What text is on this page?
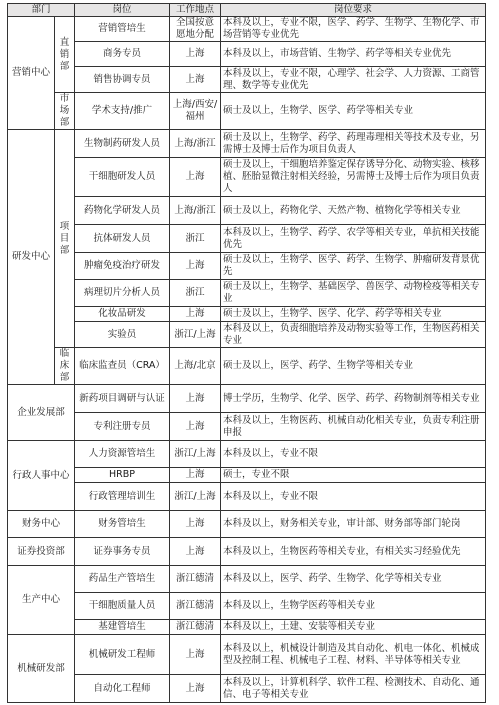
部门		岗位	工作地点	岗位要求
营销中心	直销部	营销管培生	全国按意愿地分配	本科及以上，专业不限，医学、药学、生物学、生物化学、市场营销等专业优先
		商务专员	上海	本科及以上，市场营销、生物学、药学等相关专业优先
		销售协调专员	上海	本科及以上，专业不限，心理学、社会学、人力资源、工商管理、数学等专业优先
	市场部	学术支持/推广	上海/西安/福州	硕士及以上，生物学、医学、药学等相关专业
研发中心	项目部	生物制药研发人员	上海/浙江	硕士及以上，生物学、药学、药理毒理相关等技术及专业，另需博士及博士后作为项目负责人
		干细胞研发人员	上海	硕士及以上，干细胞培养鉴定保存诱导分化、动物实验、核移植、胚胎显微注射相关经验，另需博士及博士后作为项目负责人
		药物化学研发人员	上海/浙江	硕士及以上，药物化学、天然产物、植物化学等相关专业
		抗体研发人员	浙江	本科及以上，生物学、药学、农学等相关专业，单抗相关技能优先
		肿瘤免疫治疗研发	上海	硕士及以上，生物学、医学、药学、生物学、肿瘤研发背景优先
		病理切片分析人员	浙江	硕士及以上，生物学、基础医学、兽医学、动物检疫等相关专业
		化妆品研发	上海	硕士及以上，生物学、医学、化学、药学等相关专业
		实验员	浙江/上海	本科及以上，负责细胞培养及动物实验等工作，生物医药相关专业
	临床部	临床监查员（CRA）	上海/北京	硕士及以上，医学、药学、生物学等相关专业
企业发展部		新药项目调研与认证	上海	博士学历，生物学、化学、医学、药学、药物制剂等相关专业
		专利注册专员	上海	本科及以上，生物医药、机械自动化相关专业，负责专利注册申报
行政人事中心		人力资源管培生	浙江/上海	本科及以上，专业不限
		HRBP	上海	硕士，专业不限
		行政管理培训生	浙江/上海	本科及以上，专业不限
财务中心		财务管培生	上海	本科及以上，财务相关专业，审计部、财务部等部门轮岗
证券投资部		证券事务专员	上海	本科及以上，生物医药等相关专业，有相关实习经验优先
生产中心		药品生产管培生	浙江德清	本科及以上，医学、药学、生物学、化学等相关专业
		干细胞质量人员	浙江德清	本科及以上，生物学医药等相关专业
		基建管培生	浙江德清	本科及以上，土建、安装等相关专业
机械研发部		机械研发工程师	上海	本科及以上，机械设计制造及其自动化、机电一体化、机械成型及控制工程、机械电子工程、材料、半导体等相关专业
		自动化工程师	上海	本科及以上，计算机科学、软件工程、检测技术、自动化、通信、电子等相关专业
